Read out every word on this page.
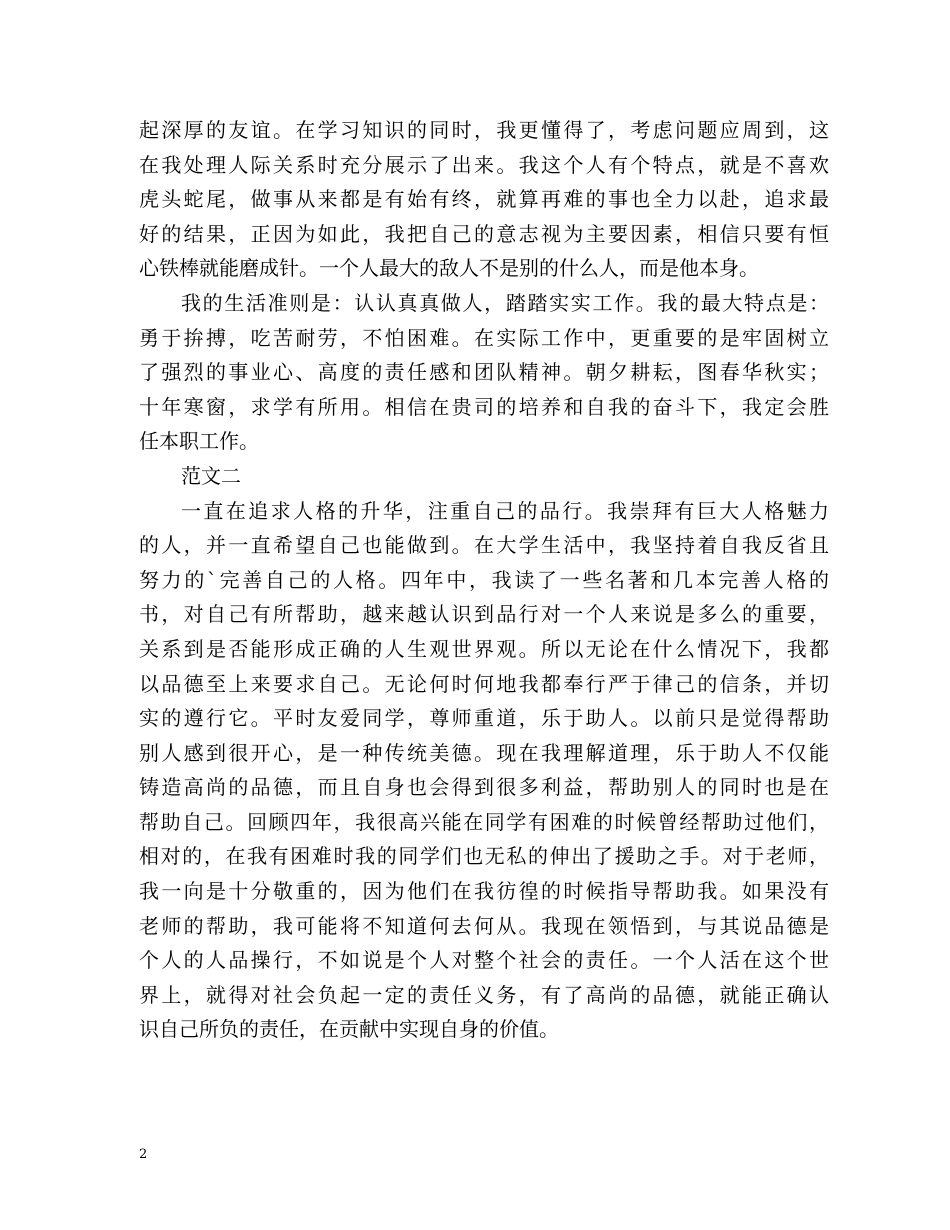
起深厚的友谊。在学习知识的同时，我更懂得了，考虑问题应周到，这
在我处理人际关系时充分展示了出来。我这个人有个特点，就是不喜欢
虎头蛇尾，做事从来都是有始有终，就算再难的事也全力以赴，追求最
好的结果，正因为如此，我把自己的意志视为主要因素，相信只要有恒
心铁棒就能磨成针。一个人最大的敌人不是别的什么人，而是他本身。
我的生活准则是：认认真真做人，踏踏实实工作。我的最大特点是：
勇于拚搏，吃苦耐劳，不怕困难。在实际工作中，更重要的是牢固树立
了强烈的事业心、高度的责任感和团队精神。朝夕耕耘，图春华秋实；
十年寒窗，求学有所用。相信在贵司的培养和自我的奋斗下，我定会胜
任本职工作。
范文二
一直在追求人格的升华，注重自己的品行。我崇拜有巨大人格魅力
的人，并一直希望自己也能做到。在大学生活中，我坚持着自我反省且
努力的`完善自己的人格。四年中，我读了一些名著和几本完善人格的
书，对自己有所帮助，越来越认识到品行对一个人来说是多么的重要，
关系到是否能形成正确的人生观世界观。所以无论在什么情况下，我都
以品德至上来要求自己。无论何时何地我都奉行严于律己的信条，并切
实的遵行它。平时友爱同学，尊师重道，乐于助人。以前只是觉得帮助
别人感到很开心，是一种传统美德。现在我理解道理，乐于助人不仅能
铸造高尚的品德，而且自身也会得到很多利益，帮助别人的同时也是在
帮助自己。回顾四年，我很高兴能在同学有困难的时候曾经帮助过他们，
相对的，在我有困难时我的同学们也无私的伸出了援助之手。对于老师，
我一向是十分敬重的，因为他们在我彷徨的时候指导帮助我。如果没有
老师的帮助，我可能将不知道何去何从。我现在领悟到，与其说品德是
个人的人品操行，不如说是个人对整个社会的责任。一个人活在这个世
界上，就得对社会负起一定的责任义务，有了高尚的品德，就能正确认
识自己所负的责任，在贡献中实现自身的价值。
2
